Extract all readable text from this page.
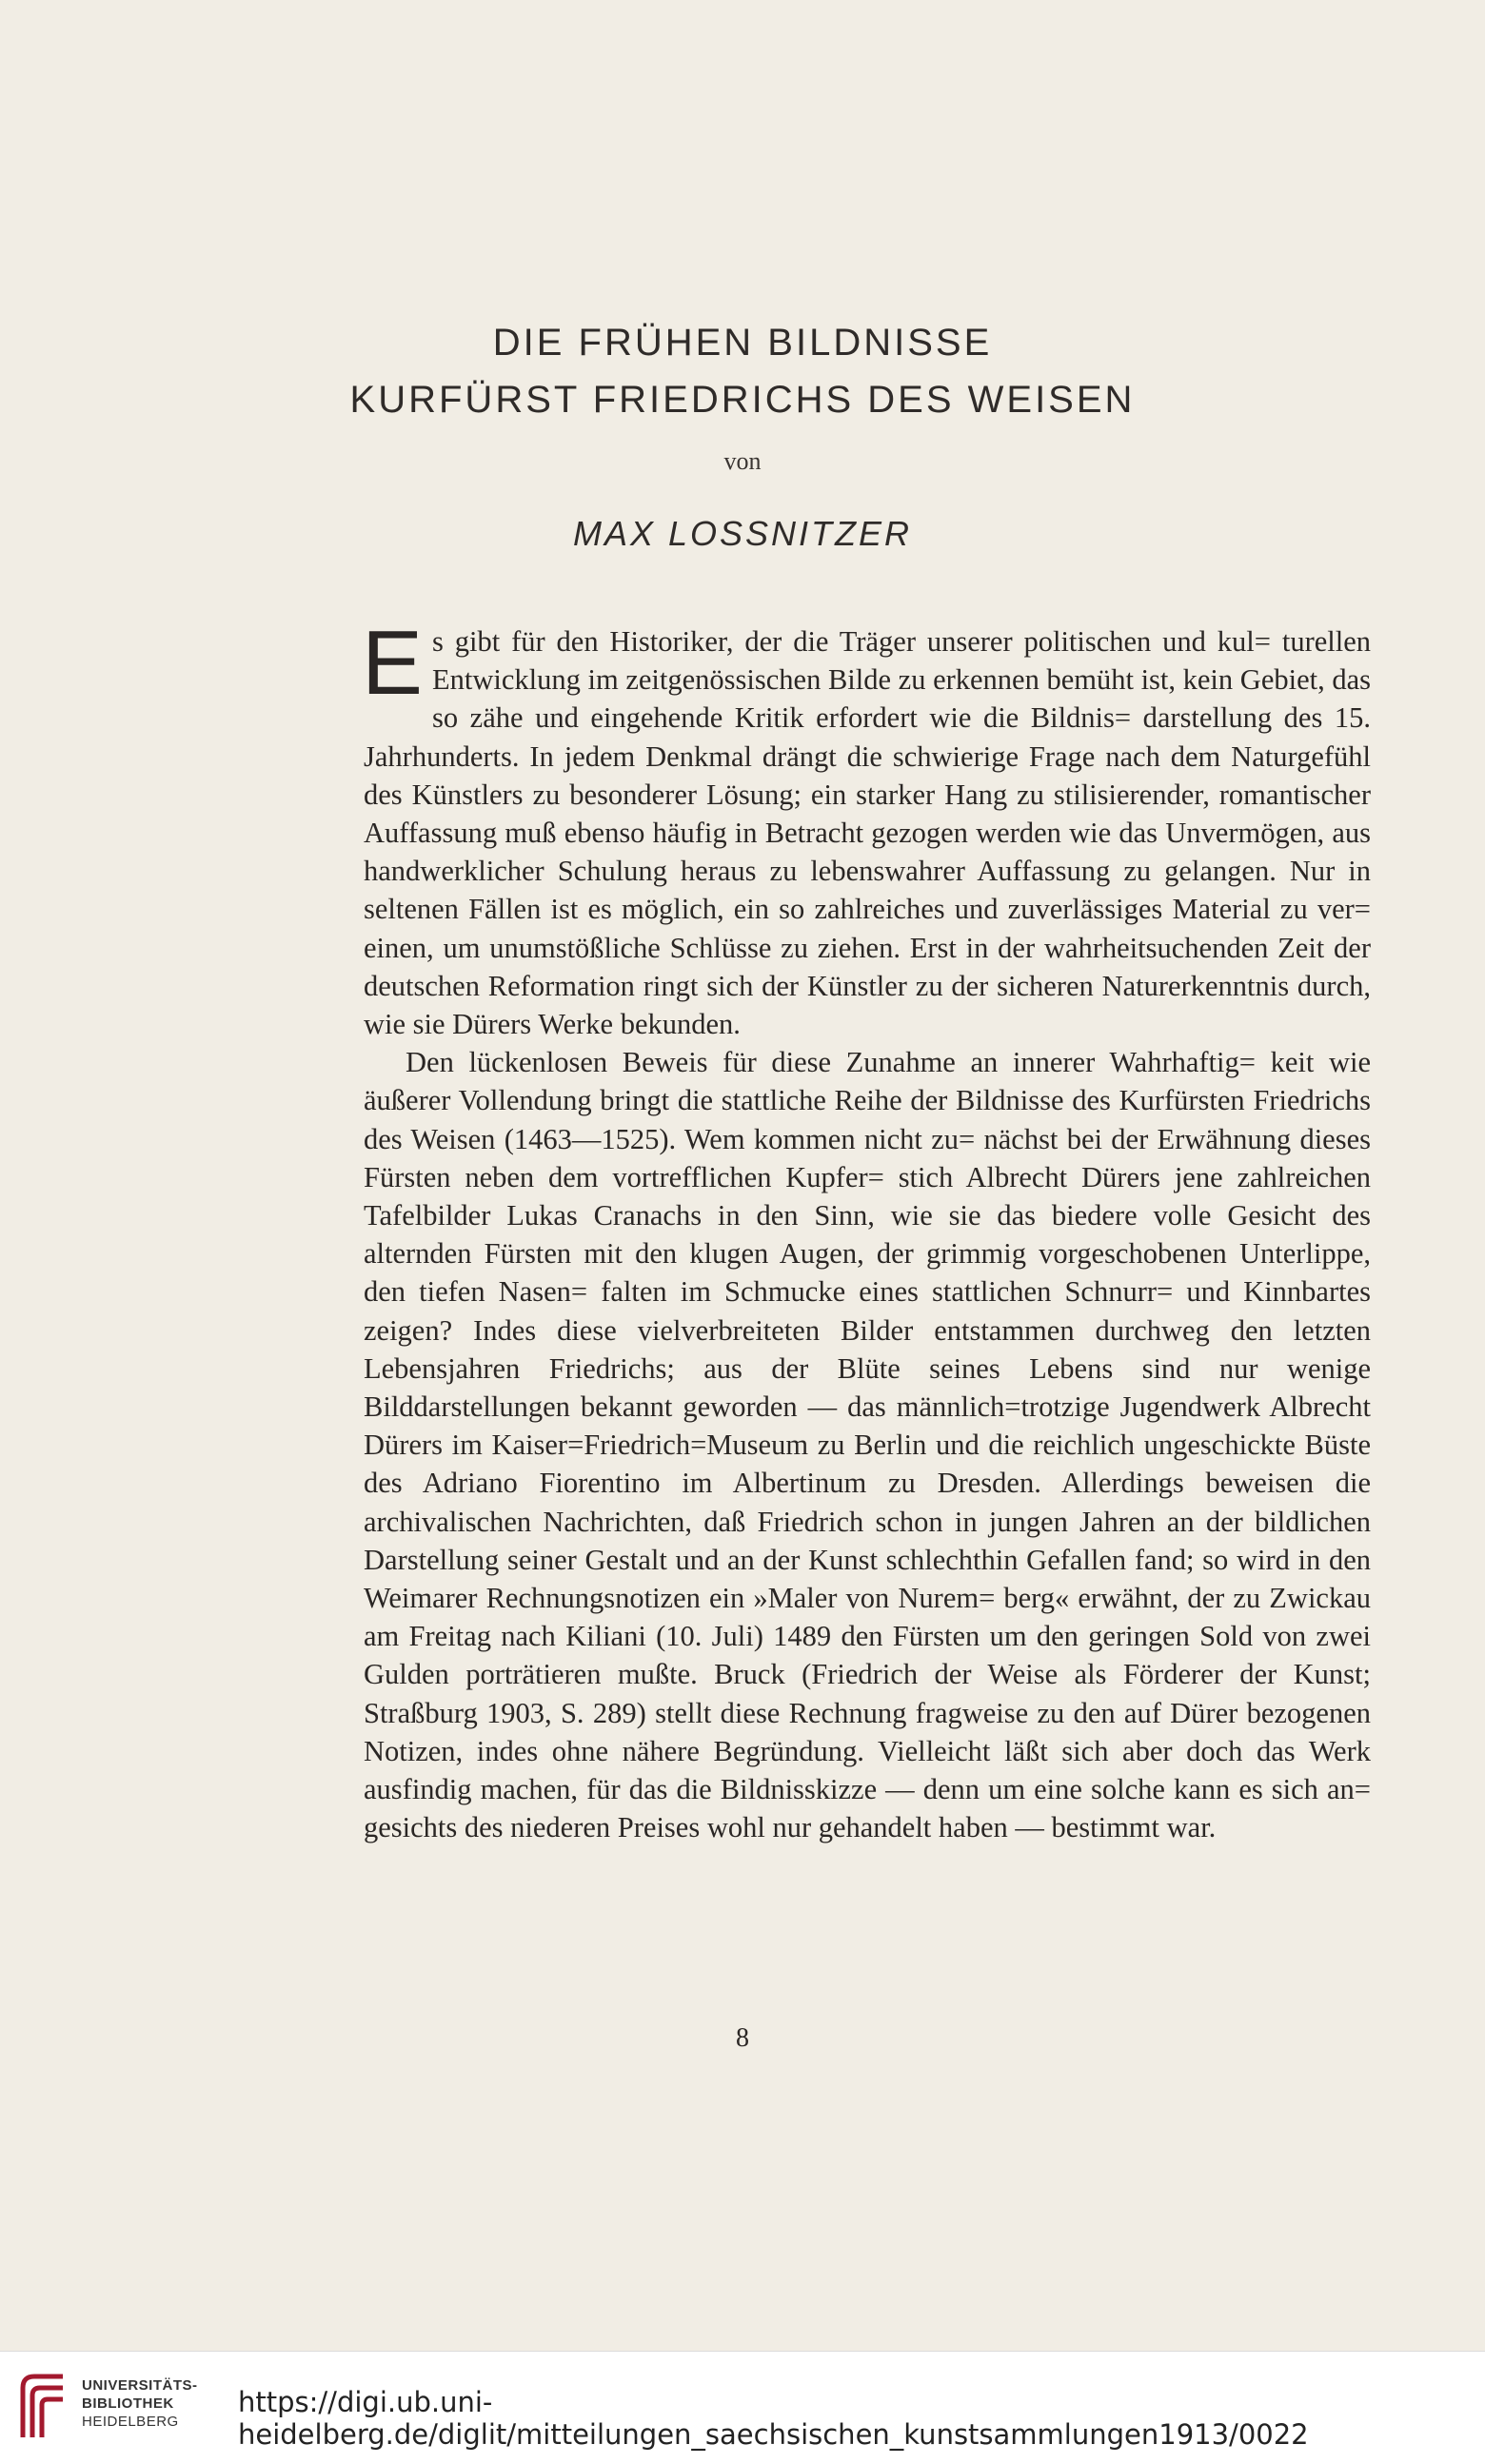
DIE FRÜHEN BILDNISSE
KURFÜRST FRIEDRICHS DES WEISEN
von
MAX LOSSNITZER

Es gibt für den Historiker, der die Träger unserer politischen und kul= turellen Entwicklung im zeitgenössischen Bilde zu erkennen bemüht ist, kein Gebiet, das so zähe und eingehende Kritik erfordert wie die Bildnis= darstellung des 15. Jahrhunderts. In jedem Denkmal drängt die schwierige Frage nach dem Naturgefühl des Künstlers zu besonderer Lösung; ein starker Hang zu stilisierender, romantischer Auffassung muß ebenso häufig in Betracht gezogen werden wie das Unvermögen, aus handwerklicher Schulung heraus zu lebenswahrer Auffassung zu gelangen. Nur in seltenen Fällen ist es möglich, ein so zahlreiches und zuverlässiges Material zu ver= einen, um unumstößliche Schlüsse zu ziehen. Erst in der wahrheitsuchenden Zeit der deutschen Reformation ringt sich der Künstler zu der sicheren Naturerkenntnis durch, wie sie Dürers Werke bekunden.

Den lückenlosen Beweis für diese Zunahme an innerer Wahrhaftig= keit wie äußerer Vollendung bringt die stattliche Reihe der Bildnisse des Kurfürsten Friedrichs des Weisen (1463—1525). Wem kommen nicht zu= nächst bei der Erwähnung dieses Fürsten neben dem vortrefflichen Kupfer= stich Albrecht Dürers jene zahlreichen Tafelbilder Lukas Cranachs in den Sinn, wie sie das biedere volle Gesicht des alternden Fürsten mit den klugen Augen, der grimmig vorgeschobenen Unterlippe, den tiefen Nasen= falten im Schmucke eines stattlichen Schnurr= und Kinnbartes zeigen? Indes diese vielverbreiteten Bilder entstammen durchweg den letzten Lebensjahren Friedrichs; aus der Blüte seines Lebens sind nur wenige Bilddarstellungen bekannt geworden — das männlich=trotzige Jugendwerk Albrecht Dürers im Kaiser=Friedrich=Museum zu Berlin und die reichlich ungeschickte Büste des Adriano Fiorentino im Albertinum zu Dresden. Allerdings beweisen die archivalischen Nachrichten, daß Friedrich schon in jungen Jahren an der bildlichen Darstellung seiner Gestalt und an der Kunst schlechthin Gefallen fand; so wird in den Weimarer Rechnungsnotizen ein »Maler von Nurem= berg« erwähnt, der zu Zwickau am Freitag nach Kiliani (10. Juli) 1489 den Fürsten um den geringen Sold von zwei Gulden porträtieren mußte. Bruck (Friedrich der Weise als Förderer der Kunst; Straßburg 1903, S. 289) stellt diese Rechnung fragweise zu den auf Dürer bezogenen Notizen, indes ohne nähere Begründung. Vielleicht läßt sich aber doch das Werk ausfindig machen, für das die Bildnisskizze — denn um eine solche kann es sich an= gesichts des niederen Preises wohl nur gehandelt haben — bestimmt war.

8
UNIVERSITÄTS-
BIBLIOTHEK
HEIDELBERG
https://digi.ub.uni-heidelberg.de/diglit/mitteilungen_saechsischen_kunstsammlungen1913/0022
